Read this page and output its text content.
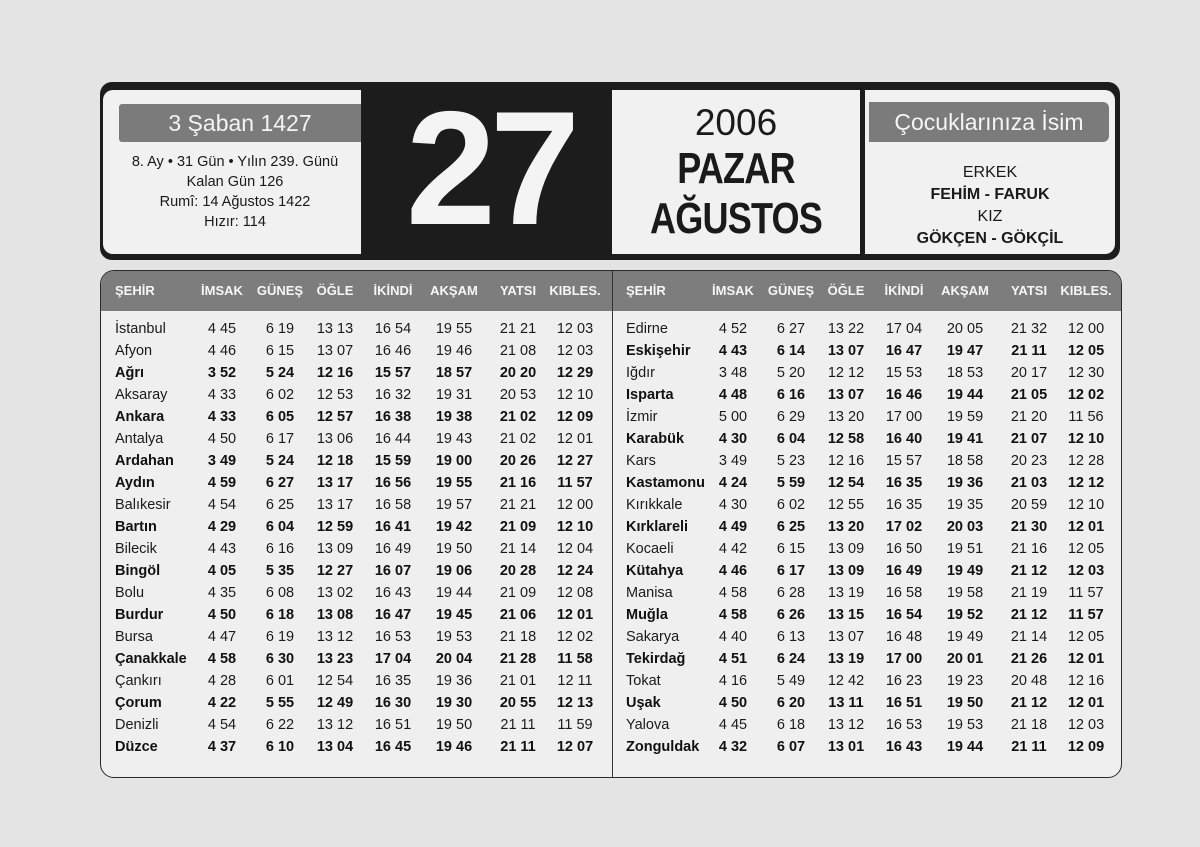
3 Şaban 1427
8. Ay • 31 Gün • Yılın 239. Günü
Kalan Gün 126
Rumî: 14 Ağustos 1422
Hızır: 114 27	2006
PAZAR
AĞUSTOS
Çocuklarınıza İsim
ERKEK
FEHİM - FARUK
KIZ
GÖKÇEN - GÖKÇİL
ŞEHİR	İMSAK	GÜNEŞ	ÖĞLE	İKİNDİ	AKŞAM	YATSI	KIBLES. ŞEHİR	İMSAK	GÜNEŞ	ÖĞLE	İKİNDİ	AKŞAM	YATSI	KIBLES.
İstanbul	4 45	6 19	13 13	16 54	19 55	21 21	12 03
Afyon	4 46	6 15	13 07	16 46	19 46	21 08	12 03
Ağrı	3 52	5 24	12 16	15 57	18 57	20 20	12 29
Aksaray	4 33	6 02	12 53	16 32	19 31	20 53	12 10
Ankara	4 33	6 05	12 57	16 38	19 38	21 02	12 09
Antalya	4 50	6 17	13 06	16 44	19 43	21 02	12 01
Ardahan	3 49	5 24	12 18	15 59	19 00	20 26	12 27
Aydın	4 59	6 27	13 17	16 56	19 55	21 16	11 57
Balıkesir	4 54	6 25	13 17	16 58	19 57	21 21	12 00
Bartın	4 29	6 04	12 59	16 41	19 42	21 09	12 10
Bilecik	4 43	6 16	13 09	16 49	19 50	21 14	12 04
Bingöl	4 05	5 35	12 27	16 07	19 06	20 28	12 24
Bolu	4 35	6 08	13 02	16 43	19 44	21 09	12 08
Burdur	4 50	6 18	13 08	16 47	19 45	21 06	12 01
Bursa	4 47	6 19	13 12	16 53	19 53	21 18	12 02
Çanakkale	4 58	6 30	13 23	17 04	20 04	21 28	11 58
Çankırı	4 28	6 01	12 54	16 35	19 36	21 01	12 11
Çorum	4 22	5 55	12 49	16 30	19 30	20 55	12 13
Denizli	4 54	6 22	13 12	16 51	19 50	21 11	11 59
Düzce	4 37	6 10	13 04	16 45	19 46	21 11	12 07
Edirne	4 52	6 27	13 22	17 04	20 05	21 32	12 00
Eskişehir	4 43	6 14	13 07	16 47	19 47	21 11	12 05
Iğdır	3 48	5 20	12 12	15 53	18 53	20 17	12 30
Isparta	4 48	6 16	13 07	16 46	19 44	21 05	12 02
İzmir	5 00	6 29	13 20	17 00	19 59	21 20	11 56
Karabük	4 30	6 04	12 58	16 40	19 41	21 07	12 10
Kars	3 49	5 23	12 16	15 57	18 58	20 23	12 28
Kastamonu 4 24	5 59	12 54	16 35	19 36	21 03	12 12
Kırıkkale	4 30	6 02	12 55	16 35	19 35	20 59	12 10
Kırklareli	4 49	6 25	13 20	17 02	20 03	21 30	12 01
Kocaeli	4 42	6 15	13 09	16 50	19 51	21 16	12 05
Kütahya	4 46	6 17	13 09	16 49	19 49	21 12	12 03
Manisa	4 58	6 28	13 19	16 58	19 58	21 19	11 57
Muğla	4 58	6 26	13 15	16 54	19 52	21 12	11 57
Sakarya	4 40	6 13	13 07	16 48	19 49	21 14	12 05
Tekirdağ	4 51	6 24	13 19	17 00	20 01	21 26	12 01
Tokat	4 16	5 49	12 42	16 23	19 23	20 48	12 16
Uşak	4 50	6 20	13 11	16 51	19 50	21 12	12 01
Yalova	4 45	6 18	13 12	16 53	19 53	21 18	12 03
Zonguldak	4 32	6 07	13 01	16 43	19 44	21 11	12 09
